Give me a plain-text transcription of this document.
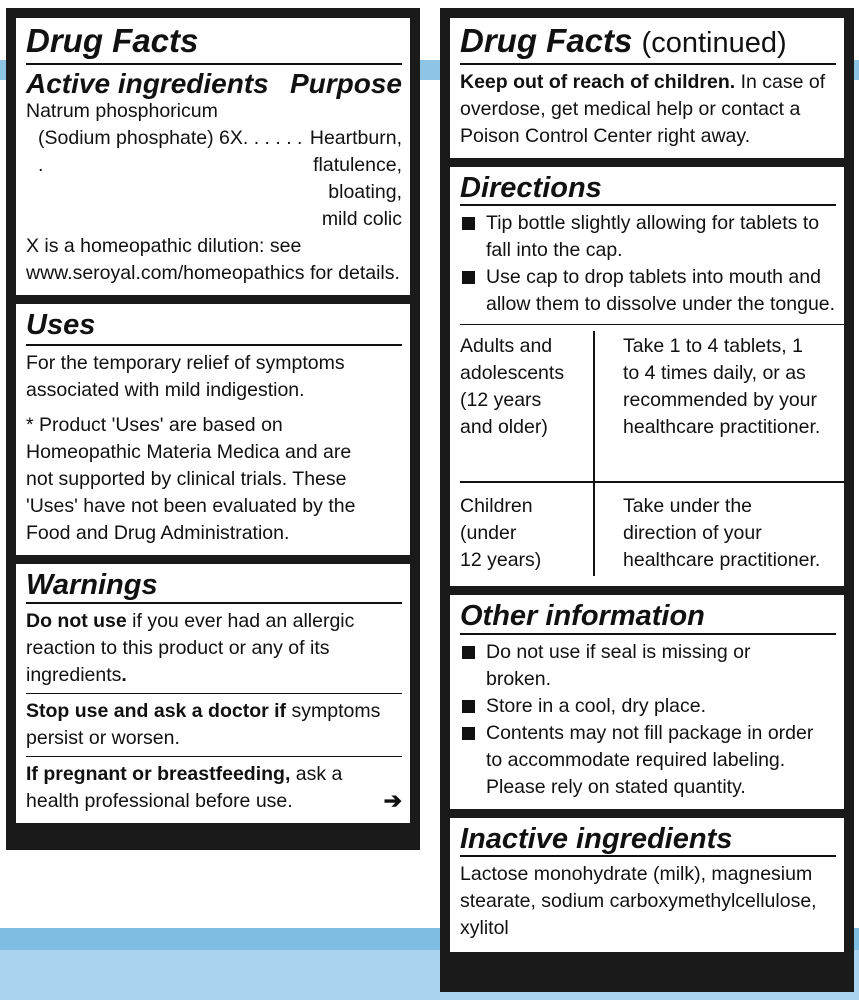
Drug Facts
Active ingredients Purpose

Natrum phosphoricum

(Sodium phosphate) 6X. . . . . . .

Heartburn,

flatulence,

bloating,

mild colic

X is a homeopathic dilution: see

www.seroyal.com/homeopathics for details.

Uses

For the temporary relief of symptoms

associated with mild indigestion.

* Product 'Uses' are based on

Homeopathic Materia Medica and are

not supported by clinical trials. These

'Uses' have not been evaluated by the

Food and Drug Administration.

Warnings

Do not use if you ever had an allergic

reaction to this product or any of its

ingredients.

Stop use and ask a doctor if symptoms

persist or worsen.

If pregnant or breastfeeding, ask a

health professional before use.	➔
Drug Facts (continued)

Keep out of reach of children. In case of

overdose, get medical help or contact a

Poison Control Center right away.

Directions
Tip bottle slightly allowing for tablets to
fall into the cap.
Use cap to drop tablets into mouth and
allow them to dissolve under the tongue.
Adults and
adolescents
(12 years
and older)
Take 1 to 4 tablets, 1
to 4 times daily, or as
recommended by your
healthcare practitioner.
Children
(under
12 years)
Take under the
direction of your
healthcare practitioner.
Other information
Do not use if seal is missing or
broken.
Store in a cool, dry place.
Contents may not fill package in order
to accommodate required labeling.
Please rely on stated quantity.
Inactive ingredients

Lactose monohydrate (milk), magnesium

stearate, sodium carboxymethylcellulose,

xylitol
